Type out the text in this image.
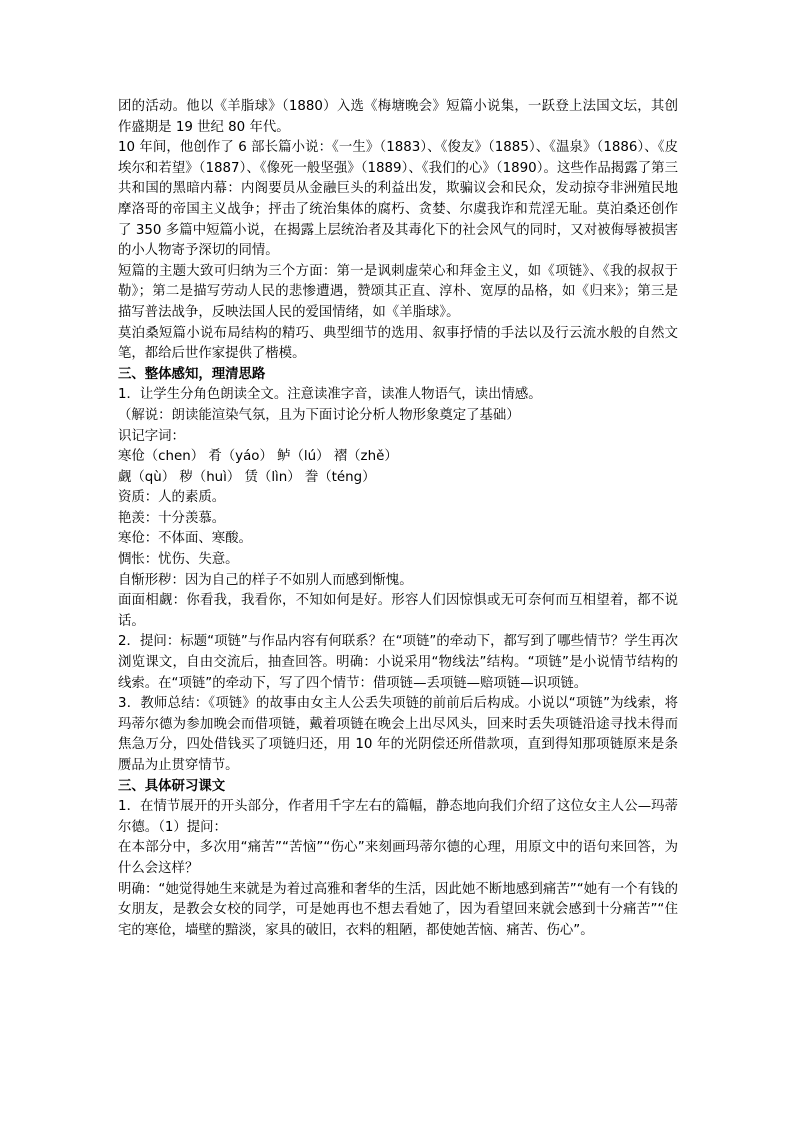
团的活动。他以《羊脂球》（1880）入选《梅塘晚会》短篇小说集，一跃登上法国文坛，其创作盛期是 19 世纪 80 年代。

10 年间，他创作了 6 部长篇小说：《一生》（1883）、《俊友》（1885）、《温泉》（1886）、《皮埃尔和若望》（1887）、《像死一般坚强》（1889）、《我们的心》（1890）。这些作品揭露了第三共和国的黑暗内幕：内阁要员从金融巨头的利益出发，欺骗议会和民众，发动掠夺非洲殖民地摩洛哥的帝国主义战争；抨击了统治集体的腐朽、贪婪、尔虞我诈和荒淫无耻。莫泊桑还创作了 350 多篇中短篇小说，在揭露上层统治者及其毒化下的社会风气的同时，又对被侮辱被损害的小人物寄予深切的同情。

短篇的主题大致可归纳为三个方面：第一是讽刺虚荣心和拜金主义，如《项链》、《我的叔叔于勒》；第二是描写劳动人民的悲惨遭遇，赞颂其正直、淳朴、宽厚的品格，如《归来》；第三是描写普法战争，反映法国人民的爱国情绪，如《羊脂球》。

莫泊桑短篇小说布局结构的精巧、典型细节的选用、叙事抒情的手法以及行云流水般的自然文笔，都给后世作家提供了楷模。

三、整体感知，理清思路

1．让学生分角色朗读全文。注意读准字音，读准人物语气，读出情感。

（解说：朗读能渲染气氛，且为下面讨论分析人物形象奠定了基础）

识记字词：

寒伧（chen） 肴（yáo） 鲈（lú） 褶（zhě）

觑（qù） 秽（huì） 赁（lìn） 誊（téng）

资质：人的素质。

艳羡：十分羡慕。

寒伧：不体面、寒酸。

惆怅：忧伤、失意。

自惭形秽：因为自己的样子不如别人而感到惭愧。

面面相觑：你看我，我看你，不知如何是好。形容人们因惊惧或无可奈何而互相望着，都不说话。

2．提问：标题“项链”与作品内容有何联系？在“项链”的牵动下，都写到了哪些情节？学生再次浏览课文，自由交流后，抽查回答。明确：小说采用“物线法”结构。“项链”是小说情节结构的线索。在“项链”的牵动下，写了四个情节：借项链—丢项链—赔项链—识项链。

3．教师总结：《项链》的故事由女主人公丢失项链的前前后后构成。小说以“项链”为线索，将玛蒂尔德为参加晚会而借项链，戴着项链在晚会上出尽风头，回来时丢失项链沿途寻找未得而焦急万分，四处借钱买了项链归还，用 10 年的光阴偿还所借款项，直到得知那项链原来是条赝品为止贯穿情节。

三、具体研习课文

1．在情节展开的开头部分，作者用千字左右的篇幅，静态地向我们介绍了这位女主人公—玛蒂尔德。（1）提问：

在本部分中，多次用“痛苦”“苦恼”“伤心”来刻画玛蒂尔德的心理，用原文中的语句来回答，为什么会这样？

明确：“她觉得她生来就是为着过高雅和奢华的生活，因此她不断地感到痛苦”“她有一个有钱的女朋友，是教会女校的同学，可是她再也不想去看她了，因为看望回来就会感到十分痛苦”“住宅的寒伧，墙壁的黯淡，家具的破旧，衣料的粗陋，都使她苦恼、痛苦、伤心”。
